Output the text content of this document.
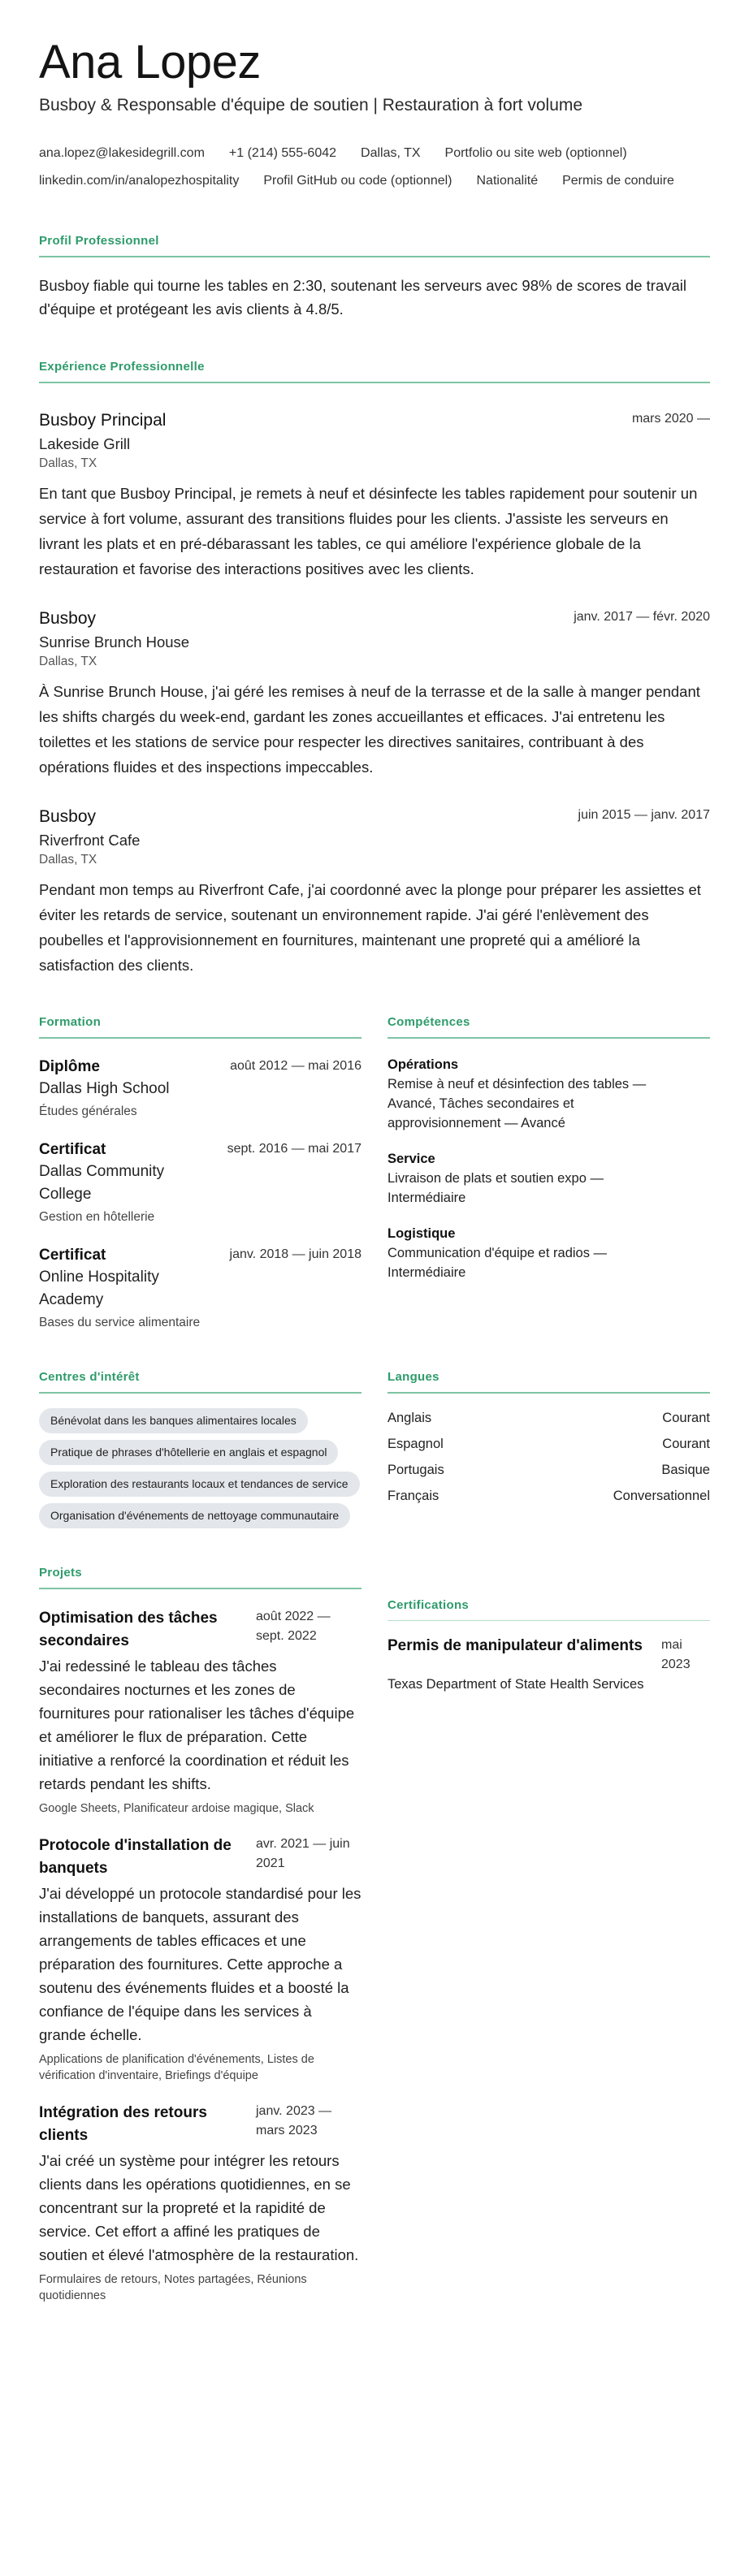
Ana Lopez
Busboy & Responsable d'équipe de soutien | Restauration à fort volume
ana.lopez@lakesidegrill.com +1 (214) 555-6042 Dallas, TX Portfolio ou site web (optionnel)
linkedin.com/in/analopezhospitality Profil GitHub ou code (optionnel) Nationalité Permis de conduire
Profil Professionnel
Busboy fiable qui tourne les tables en 2:30, soutenant les serveurs avec 98% de scores de travail d'équipe et protégeant les avis clients à 4.8/5.
Expérience Professionnelle
Busboy Principal	mars 2020 —
Lakeside Grill
Dallas, TX
En tant que Busboy Principal, je remets à neuf et désinfecte les tables rapidement pour soutenir un service à fort volume, assurant des transitions fluides pour les clients. J'assiste les serveurs en livrant les plats et en pré-débarassant les tables, ce qui améliore l'expérience globale de la restauration et favorise des interactions positives avec les clients.
Busboy	janv. 2017 — févr. 2020
Sunrise Brunch House
Dallas, TX
À Sunrise Brunch House, j'ai géré les remises à neuf de la terrasse et de la salle à manger pendant les shifts chargés du week-end, gardant les zones accueillantes et efficaces. J'ai entretenu les toilettes et les stations de service pour respecter les directives sanitaires, contribuant à des opérations fluides et des inspections impeccables.
Busboy	juin 2015 — janv. 2017
Riverfront Cafe
Dallas, TX
Pendant mon temps au Riverfront Cafe, j'ai coordonné avec la plonge pour préparer les assiettes et éviter les retards de service, soutenant un environnement rapide. J'ai géré l'enlèvement des poubelles et l'approvisionnement en fournitures, maintenant une propreté qui a amélioré la satisfaction des clients.
Formation
Diplôme	août 2012 — mai 2016
Dallas High School
Études générales
Certificat	sept. 2016 — mai 2017
Dallas Community College
Gestion en hôtellerie
Certificat	janv. 2018 — juin 2018
Online Hospitality Academy
Bases du service alimentaire
Compétences
Opérations
Remise à neuf et désinfection des tables — Avancé, Tâches secondaires et approvisionnement — Avancé
Service
Livraison de plats et soutien expo — Intermédiaire
Logistique
Communication d'équipe et radios — Intermédiaire
Centres d'intérêt
Bénévolat dans les banques alimentaires locales
Pratique de phrases d'hôtellerie en anglais et espagnol
Exploration des restaurants locaux et tendances de service
Organisation d'événements de nettoyage communautaire
Langues
Anglais	Courant
Espagnol	Courant
Portugais	Basique
Français	Conversationnel
Projets
Optimisation des tâches secondaires
août 2022 — sept. 2022
J'ai redessiné le tableau des tâches secondaires nocturnes et les zones de fournitures pour rationaliser les tâches d'équipe et améliorer le flux de préparation. Cette initiative a renforcé la coordination et réduit les retards pendant les shifts.
Google Sheets, Planificateur ardoise magique, Slack
Protocole d'installation de banquets
avr. 2021 — juin 2021
J'ai développé un protocole standardisé pour les installations de banquets, assurant des arrangements de tables efficaces et une préparation des fournitures. Cette approche a soutenu des événements fluides et a boosté la confiance de l'équipe dans les services à grande échelle.
Applications de planification d'événements, Listes de vérification d'inventaire, Briefings d'équipe
Intégration des retours clients
janv. 2023 — mars 2023
J'ai créé un système pour intégrer les retours clients dans les opérations quotidiennes, en se concentrant sur la propreté et la rapidité de service. Cet effort a affiné les pratiques de soutien et élevé l'atmosphère de la restauration.
Formulaires de retours, Notes partagées, Réunions quotidiennes
Certifications
Permis de manipulateur d'aliments	mai 2023
Texas Department of State Health Services
